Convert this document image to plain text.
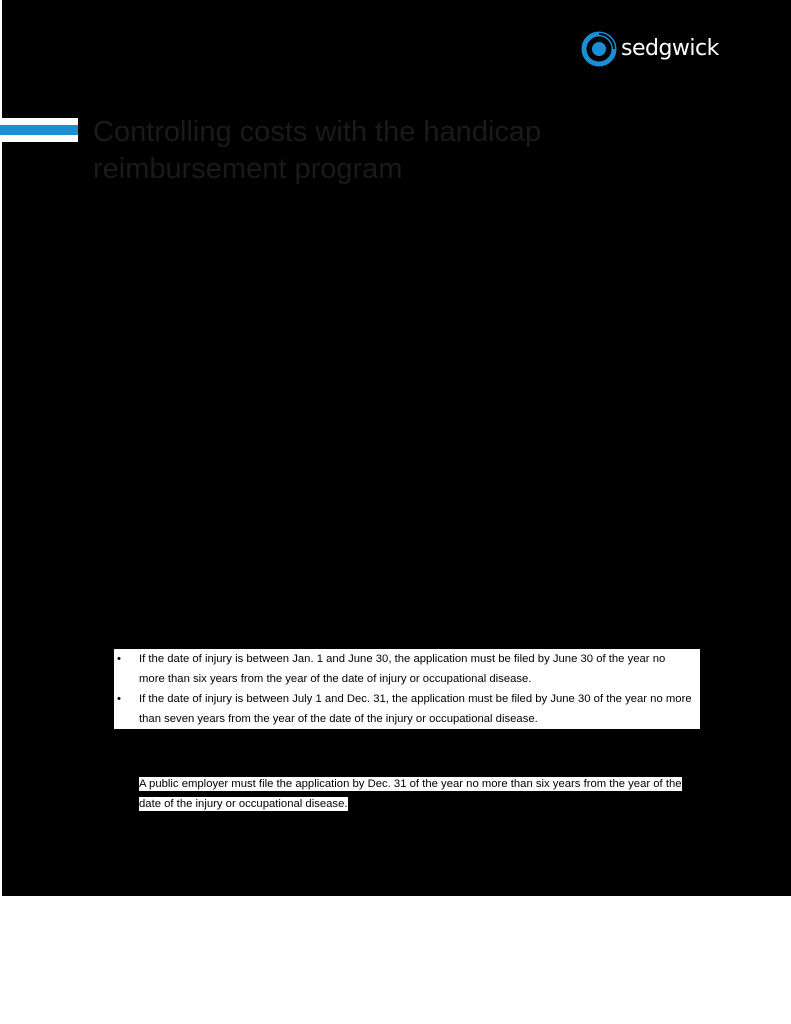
sedgwick
Controlling costs with the handicap reimbursement program
• If the date of injury is between Jan. 1 and June 30, the application must be filed by June 30 of the year no more than six years from the year of the date of injury or occupational disease.
• If the date of injury is between July 1 and Dec. 31, the application must be filed by June 30 of the year no more than seven years from the year of the date of the injury or occupational disease.

A public employer must file the application by Dec. 31 of the year no more than six years from the year of the date of the injury or occupational disease.
